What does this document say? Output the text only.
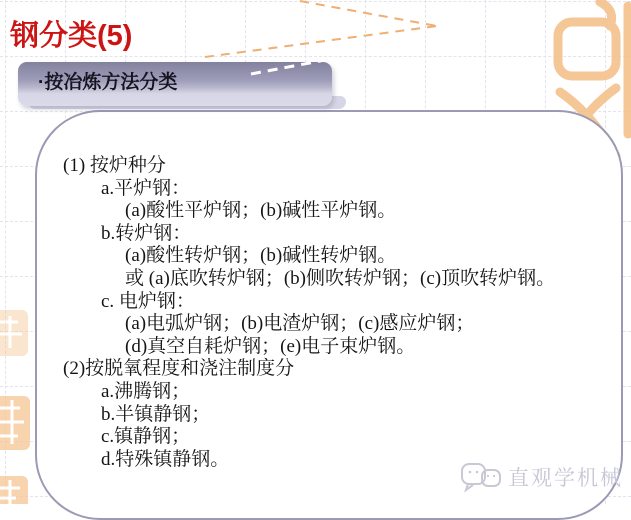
(1) 按炉种分
a.平炉钢：
(a)酸性平炉钢；(b)碱性平炉钢。
b.转炉钢：
(a)酸性转炉钢；(b)碱性转炉钢。
或 (a)底吹转炉钢；(b)侧吹转炉钢；(c)顶吹转炉钢。
c. 电炉钢：
(a)电弧炉钢；(b)电渣炉钢；(c)感应炉钢；
(d)真空自耗炉钢；(e)电子束炉钢。
(2)按脱氧程度和浇注制度分
a.沸腾钢；
b.半镇静钢；
c.镇静钢；
d.特殊镇静钢。
·按冶炼方法分类
钢分类(5)
直观学机械
